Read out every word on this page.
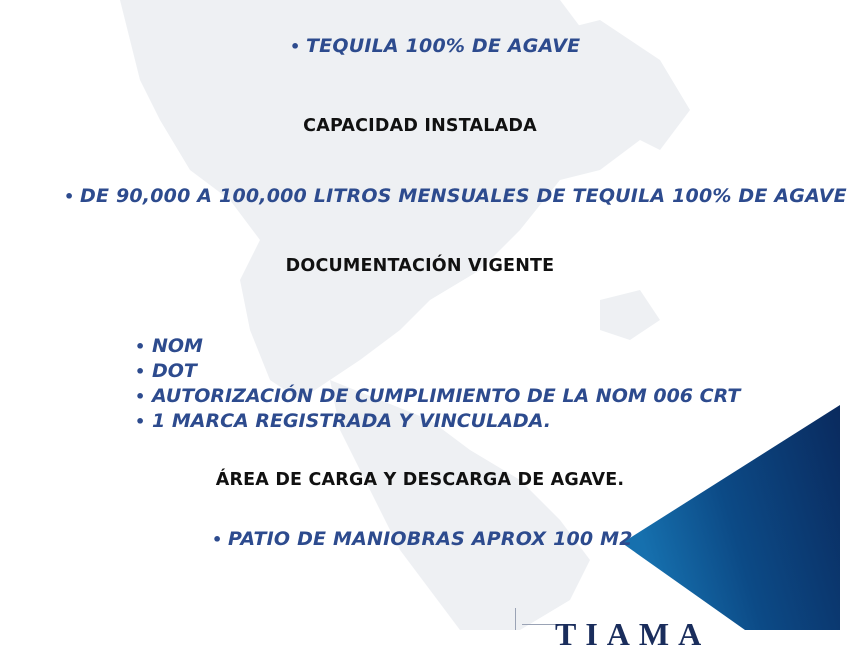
• TEQUILA 100% DE AGAVE
CAPACIDAD INSTALADA
• DE 90,000 A 100,000 LITROS MENSUALES DE TEQUILA 100% DE AGAVE
DOCUMENTACIÓN VIGENTE
• NOM
• DOT
• AUTORIZACIÓN DE CUMPLIMIENTO DE LA NOM 006 CRT
• 1 MARCA REGISTRADA Y VINCULADA.
ÁREA DE CARGA Y DESCARGA DE AGAVE.
• PATIO DE MANIOBRAS APROX 100 M2
TIAMA
